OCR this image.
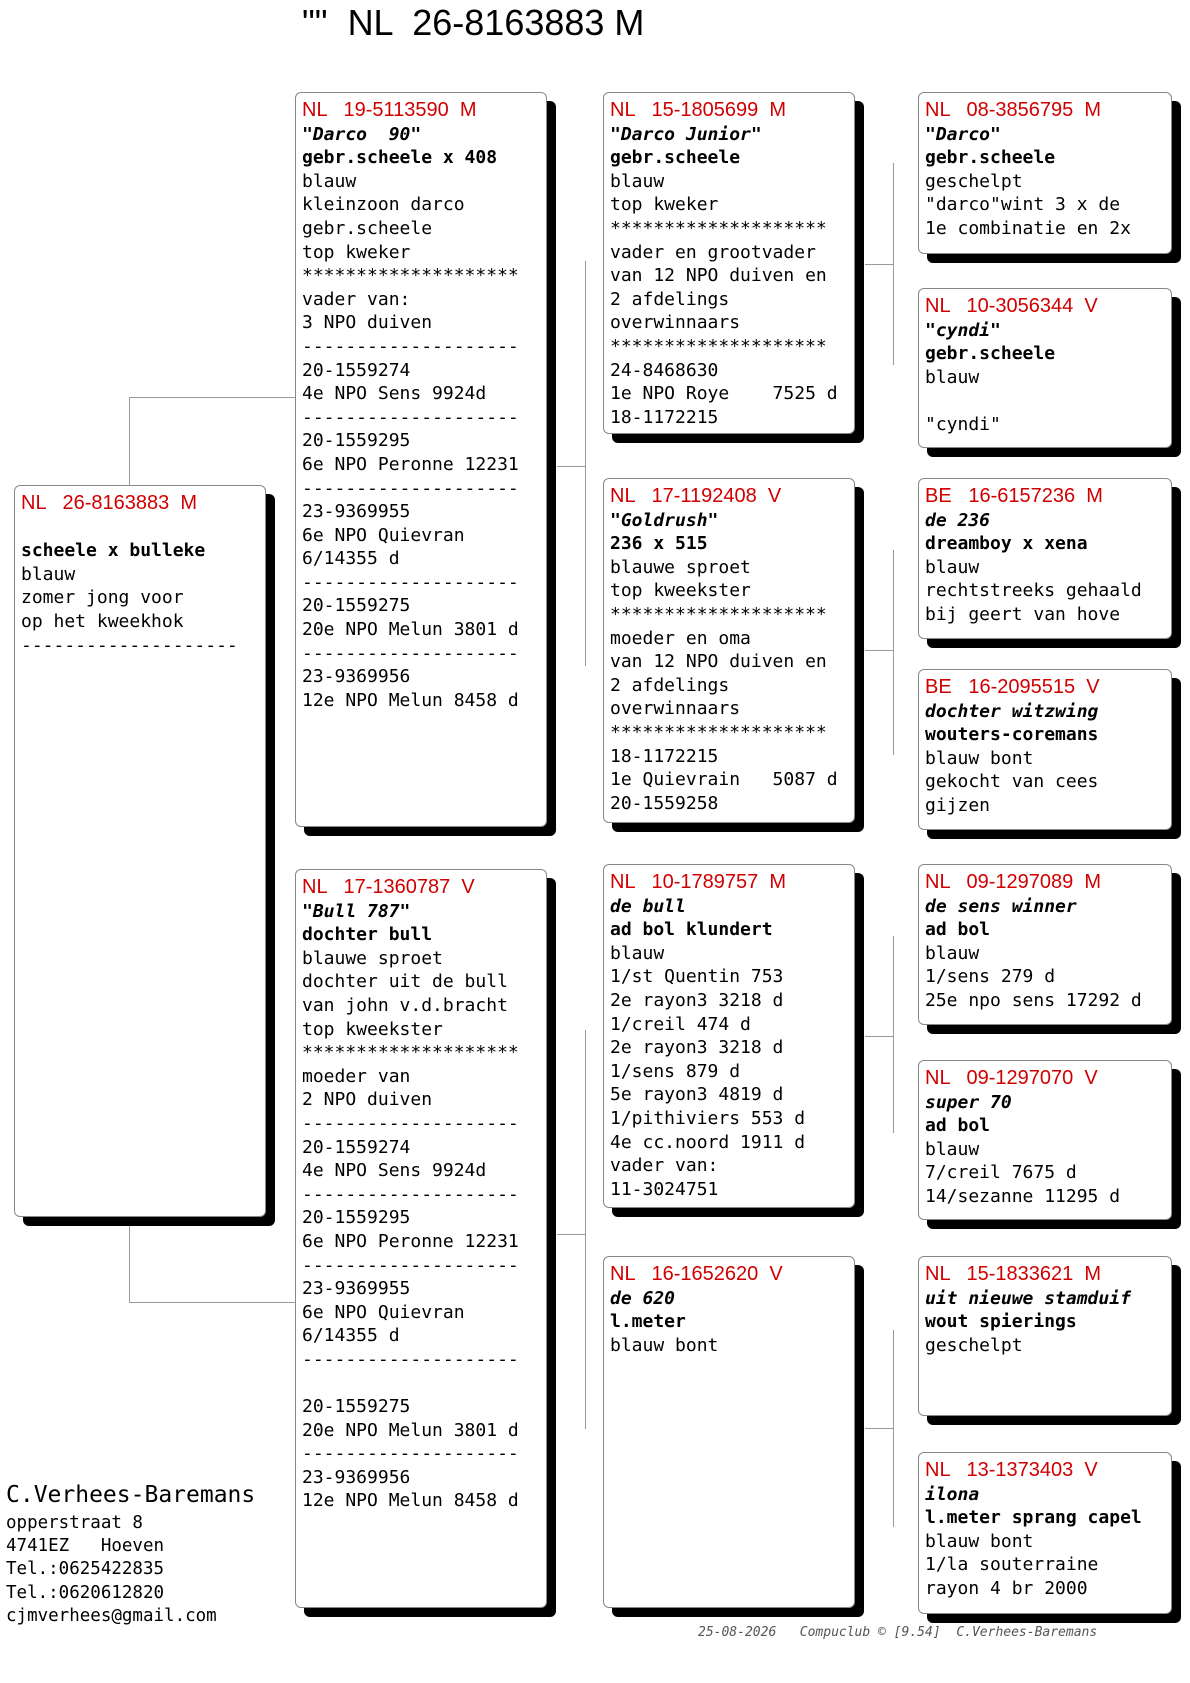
""  NL  26-8163883 M
NL   26-8163883  M
scheele x bulleke
blauw
zomer jong voor
op het kweekhok
--------------------
NL   19-5113590  M
"Darco  90"
gebr.scheele x 408
blauw
kleinzoon darco
gebr.scheele
top kweker
********************
vader van:
3 NPO duiven
--------------------
20-1559274
4e NPO Sens 9924d
--------------------
20-1559295
6e NPO Peronne 12231
--------------------
23-9369955
6e NPO Quievran
6/14355 d
--------------------
20-1559275
20e NPO Melun 3801 d
--------------------
23-9369956
12e NPO Melun 8458 d
NL   17-1360787  V
"Bull 787"
dochter bull
blauwe sproet
dochter uit de bull
van john v.d.bracht
top kweekster
********************
moeder van
2 NPO duiven
--------------------
20-1559274
4e NPO Sens 9924d
--------------------
20-1559295
6e NPO Peronne 12231
--------------------
23-9369955
6e NPO Quievran
6/14355 d
--------------------
20-1559275
20e NPO Melun 3801 d
--------------------
23-9369956
12e NPO Melun 8458 d
NL   15-1805699  M
"Darco Junior"
gebr.scheele
blauw
top kweker
********************
vader en grootvader
van 12 NPO duiven en
2 afdelings
overwinnaars
********************
24-8468630
1e NPO Roye    7525 d
18-1172215
NL   17-1192408  V
"Goldrush"
236 x 515
blauwe sproet
top kweekster
********************
moeder en oma
van 12 NPO duiven en
2 afdelings
overwinnaars
********************
18-1172215
1e Quievrain   5087 d
20-1559258
NL   10-1789757  M
de bull
ad bol klundert
blauw
1/st Quentin 753
2e rayon3 3218 d
1/creil 474 d
2e rayon3 3218 d
1/sens 879 d
5e rayon3 4819 d
1/pithiviers 553 d
4e cc.noord 1911 d
vader van:
11-3024751
NL   16-1652620  V
de 620
l.meter
blauw bont
NL   08-3856795  M
"Darco"
gebr.scheele
geschelpt
"darco"wint 3 x de
1e combinatie en 2x
NL   10-3056344  V
"cyndi"
gebr.scheele
blauw
"cyndi"
BE   16-6157236  M
de 236
dreamboy x xena
blauw
rechtstreeks gehaald
bij geert van hove
BE   16-2095515  V
dochter witzwing
wouters-coremans
blauw bont
gekocht van cees
gijzen
NL   09-1297089  M
de sens winner
ad bol
blauw
1/sens 279 d
25e npo sens 17292 d
NL   09-1297070  V
super 70
ad bol
blauw
7/creil 7675 d
14/sezanne 11295 d
NL   15-1833621  M
uit nieuwe stamduif
wout spierings
geschelpt
NL   13-1373403  V
ilona
l.meter sprang capel
blauw bont
1/la souterraine
rayon 4 br 2000
C.Verhees-Baremans
opperstraat 8
4741EZ   Hoeven
Tel.:0625422835
Tel.:0620612820
cjmverhees@gmail.com
25-08-2026 Compuclub © [9.54] C.Verhees-Baremans
